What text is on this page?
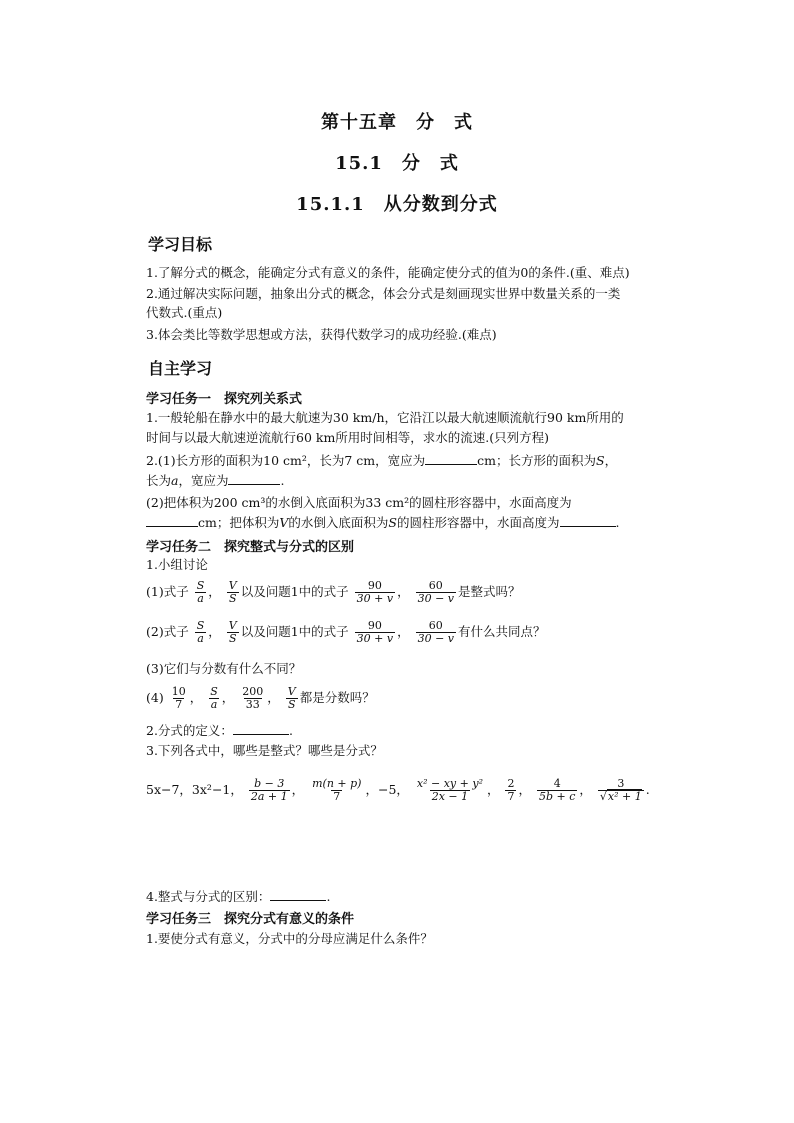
第十五章　分　式
15.1　分　式
15.1.1　从分数到分式
学习目标
1.了解分式的概念，能确定分式有意义的条件，能确定使分式的值为0的条件.(重、难点)
2.通过解决实际问题，抽象出分式的概念，体会分式是刻画现实世界中数量关系的一类
代数式.(重点)
3.体会类比等数学思想或方法，获得代数学习的成功经验.(难点)
自主学习
学习任务一　探究列关系式
1.一般轮船在静水中的最大航速为30 km/h，它沿江以最大航速顺流航行90 km所用的
时间与以最大航速逆流航行60 km所用时间相等，求水的流速.(只列方程)
2.(1)长方形的面积为10 cm²，长为7 cm，宽应为	cm；长方形的面积为S，
长为a，宽应为	.
(2)把体积为200 cm³的水倒入底面积为33 cm²的圆柱形容器中，水面高度为
cm；把体积为V的水倒入底面积为S的圆柱形容器中，水面高度为	.
学习任务二　探究整式与分式的区别
1.小组讨论
(1)式子 $\frac{S}{a}$ ， $\frac{V}{S}$ 以及问题1中的式子 $\frac{90}{30 + v}$ ， $\frac{60}{30 - v}$ 是整式吗？
(2)式子 $\frac{S}{a}$ ， $\frac{V}{S}$ 以及问题1中的式子 $\frac{90}{30 + v}$ ， $\frac{60}{30 - v}$ 有什么共同点？
(3)它们与分数有什么不同？
$(4) \frac{10}{7}$ ， $\frac{S}{a}$ ， $\frac{200}{33}$ ， $\frac{V}{S}$ 都是分数吗？
2.分式的定义：	.
3.下列各式中，哪些是整式？哪些是分式？
5x−7，3x²−1， $\frac{b - 3}{2a + 1}$ ， $\frac{m(n + p)}{7}$ ，−5， $\frac{\text{x² − xy + y²}}{2x - 1}$ ， $\frac{2}{7}$ ， $\frac{4}{5b + c}$ ， $\frac{3}{\text{√x² + 1}}$ .
4.整式与分式的区别：	.
学习任务三　探究分式有意义的条件
1.要使分式有意义，分式中的分母应满足什么条件？
